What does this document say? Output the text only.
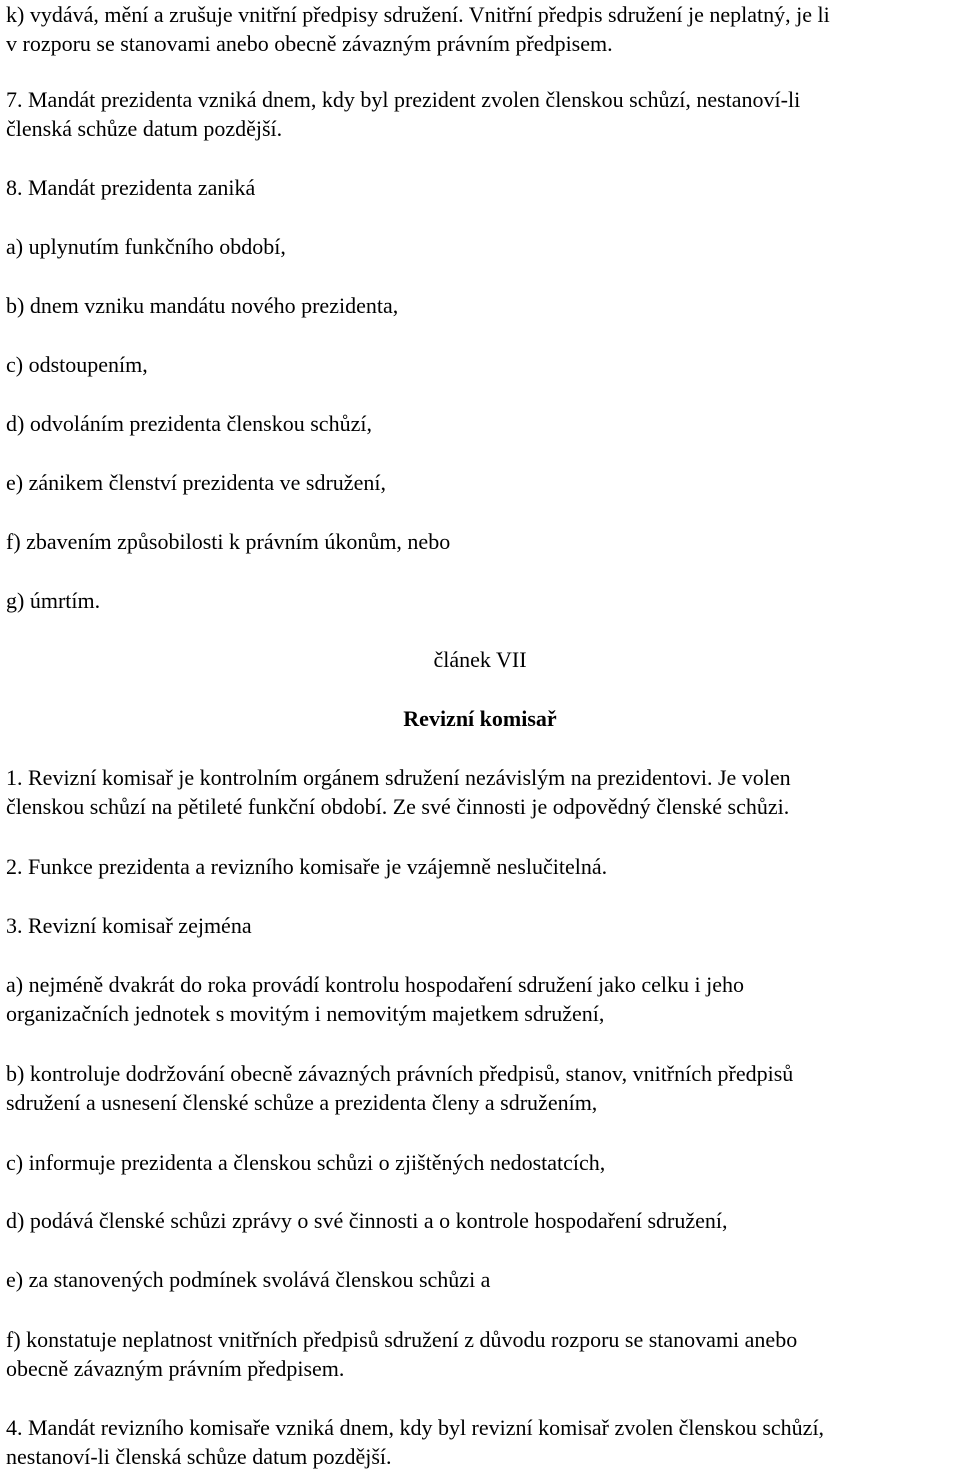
k) vydává, mění a zrušuje vnitřní předpisy sdružení. Vnitřní předpis sdružení je neplatný, je li
v rozporu se stanovami anebo obecně závazným právním předpisem.

7. Mandát prezidenta vzniká dnem, kdy byl prezident zvolen členskou schůzí, nestanoví-li
členská schůze datum pozdější.

8. Mandát prezidenta zaniká

a) uplynutím funkčního období,

b) dnem vzniku mandátu nového prezidenta,

c) odstoupením,

d) odvoláním prezidenta členskou schůzí,

e) zánikem členství prezidenta ve sdružení,

f) zbavením způsobilosti k právním úkonům, nebo

g) úmrtím.

článek VII

Revizní komisař

1. Revizní komisař je kontrolním orgánem sdružení nezávislým na prezidentovi. Je volen
členskou schůzí na pětileté funkční období. Ze své činnosti je odpovědný členské schůzi.

2. Funkce prezidenta a revizního komisaře je vzájemně neslučitelná.

3. Revizní komisař zejména

a) nejméně dvakrát do roka provádí kontrolu hospodaření sdružení jako celku i jeho
organizačních jednotek s movitým i nemovitým majetkem sdružení,

b) kontroluje dodržování obecně závazných právních předpisů, stanov, vnitřních předpisů
sdružení a usnesení členské schůze a prezidenta členy a sdružením,

c) informuje prezidenta a členskou schůzi o zjištěných nedostatcích,

d) podává členské schůzi zprávy o své činnosti a o kontrole hospodaření sdružení,

e) za stanovených podmínek svolává členskou schůzi a

f) konstatuje neplatnost vnitřních předpisů sdružení z důvodu rozporu se stanovami anebo
obecně závazným právním předpisem.

4. Mandát revizního komisaře vzniká dnem, kdy byl revizní komisař zvolen členskou schůzí,
nestanoví-li členská schůze datum pozdější.
